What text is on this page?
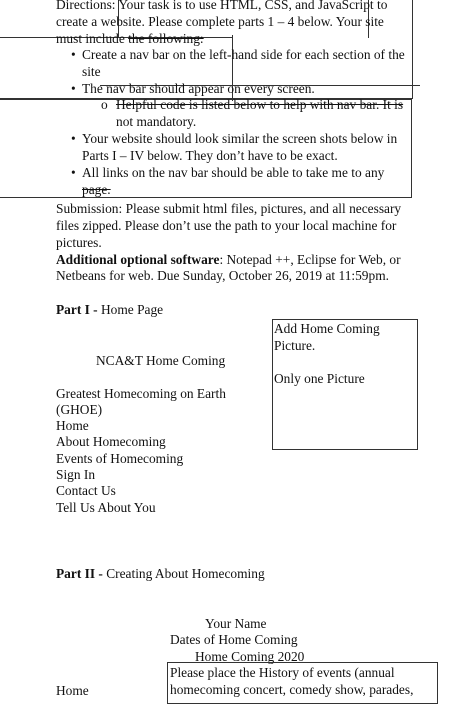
Directions: Your task is to use HTML, CSS, and JavaScript to
create a website. Please complete parts 1 – 4 below. Your site
must include the following:
• Create a nav bar on the left-hand side for each section of the
site
• The nav bar should appear on every screen.
o Helpful code is listed below to help with nav bar. It is
not mandatory.
• Your website should look similar the screen shots below in
Parts I – IV below. They don’t have to be exact.
• All links on the nav bar should be able to take me to any
page.
Submission: Please submit html files, pictures, and all necessary
files zipped. Please don’t use the path to your local machine for
pictures.
Additional optional software: Notepad ++, Eclipse for Web, or
Netbeans for web. Due Sunday, October 26, 2019 at 11:59pm.
Part I - Home Page
Add Home Coming
Picture.
Only one Picture
NCA&T Home Coming
Greatest Homecoming on Earth
(GHOE)
Home
About Homecoming
Events of Homecoming
Sign In
Contact Us
Tell Us About You
Part II - Creating About Homecoming
Your Name
Dates of Home Coming
Home Coming 2020
Please place the History of events (annual
homecoming concert, comedy show, parades,
Home
